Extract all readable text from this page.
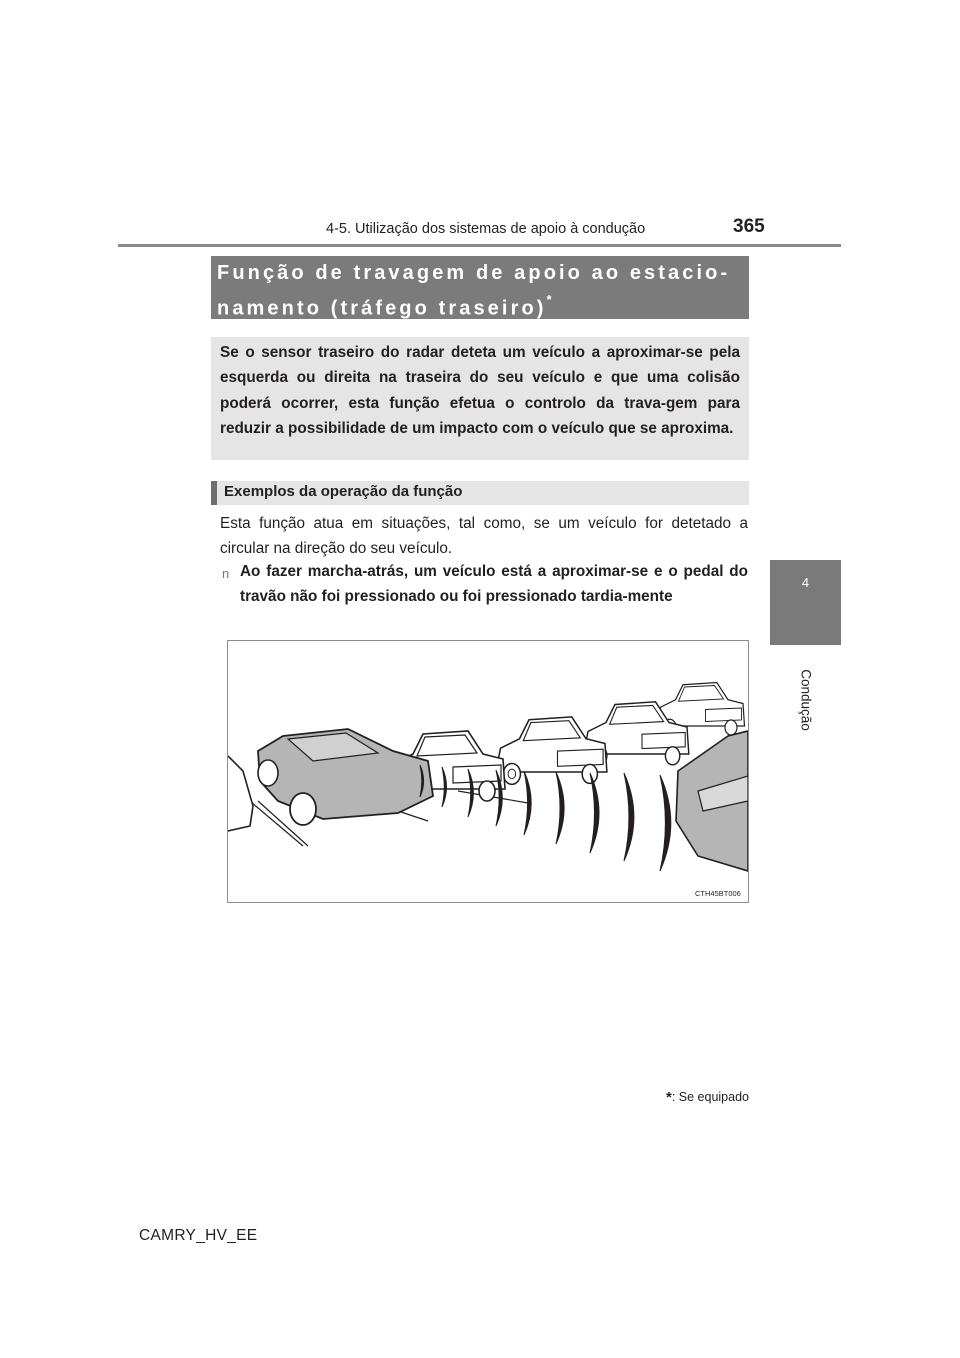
4-5. Utilização dos sistemas de apoio à condução	365
4
Condução
Função de travagem de apoio ao estacio-
namento (tráfego traseiro)*
Se o sensor traseiro do radar deteta um veículo a aproximar-se pela esquerda ou direita na traseira do seu veículo e que uma colisão poderá ocorrer, esta função efetua o controlo da trava-gem para reduzir a possibilidade de um impacto com o veículo que se aproxima.
Exemplos da operação da função
Esta função atua em situações, tal como, se um veículo for detetado a circular na direção do seu veículo.
n Ao fazer marcha-atrás, um veículo está a aproximar-se e o pedal do travão não foi pressionado ou foi pressionado tardia-mente
CTH45BT006
*: Se equipado
CAMRY_HV_EE
